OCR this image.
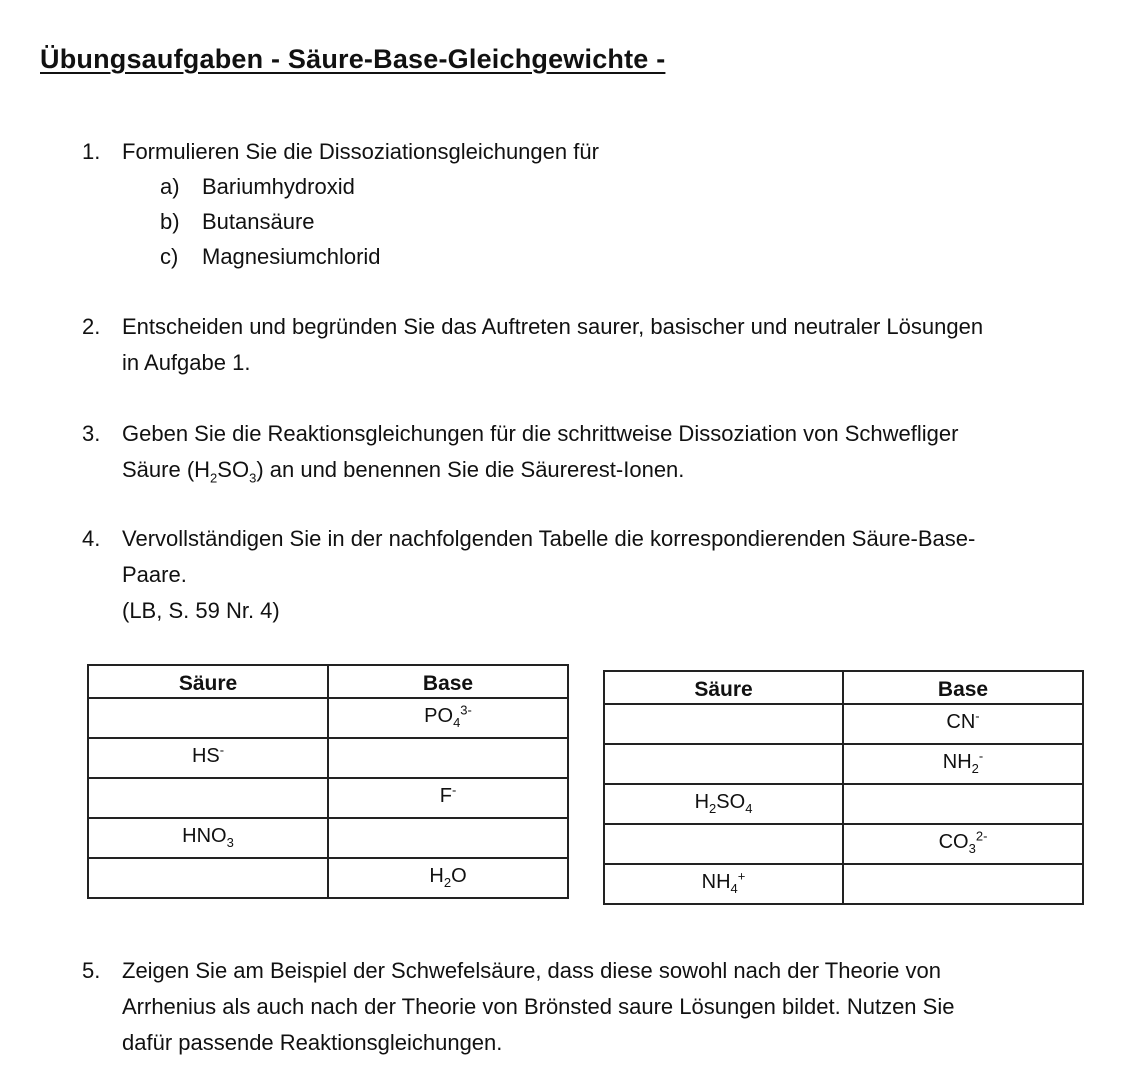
Übungsaufgaben - Säure-Base-Gleichgewichte -
1. Formulieren Sie die Dissoziationsgleichungen für
a) Bariumhydroxid
b) Butansäure
c) Magnesiumchlorid
2. Entscheiden und begründen Sie das Auftreten saurer, basischer und neutraler Lösungen
in Aufgabe 1.
3. Geben Sie die Reaktionsgleichungen für die schrittweise Dissoziation von Schwefliger
Säure $(H_2SO_3)$ an und benennen Sie die Säurerest-Ionen.
4. Vervollständigen Sie in der nachfolgenden Tabelle die korrespondierenden Säure-Base-
Paare.
(LB, S. 59 Nr. 4)
Säure	Base
	$PO_4^{3-}$
HS-	
	F-
$HNO_3$	
	$H_2O$
Säure	Base
	CN-
	$NH_2^-$
$H_2SO_4$	
	$CO_3^{2-}$
$NH_4^+$	
5. Zeigen Sie am Beispiel der Schwefelsäure, dass diese sowohl nach der Theorie von
Arrhenius als auch nach der Theorie von Brönsted saure Lösungen bildet. Nutzen Sie
dafür passende Reaktionsgleichungen.
